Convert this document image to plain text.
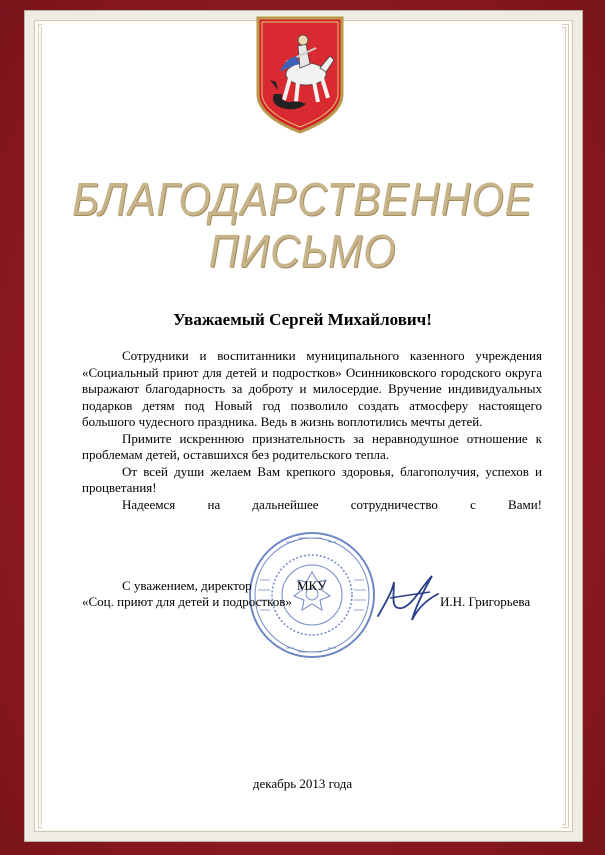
БЛАГОДАРСТВЕННОЕ
ПИСЬМО
Уважаемый Сергей Михайлович!

Сотрудники и воспитанники муниципального казенного учреждения «Социальный приют для детей и подростков» Осинниковского городского округа выражают благодарность за доброту и милосердие. Вручение индивидуальных подарков детям под Новый год позволило создать атмосферу настоящего большого чудесного праздника. Ведь в жизнь воплотились мечты детей.

Примите искреннюю признательность за неравнодушное отношение к проблемам детей, оставшихся без родительского тепла.

От всей души желаем Вам крепкого здоровья, благополучия, успехов и процветания!

Надеемся на дальнейшее сотрудничество с Вами!

С уважением, директор	МКУ
«Соц. приют для детей и подростков»	И.Н. Григорьева
декабрь 2013 года
